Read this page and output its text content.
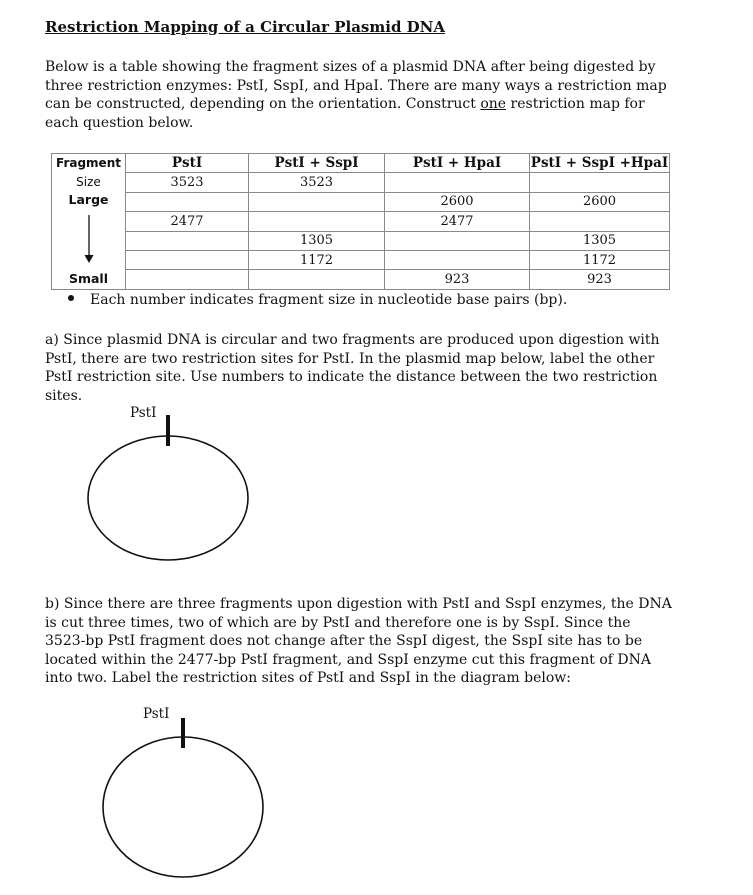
Restriction Mapping of a Circular Plasmid DNA

Below is a table showing the fragment sizes of a plasmid DNA after being digested by three restriction enzymes: PstI, SspI, and HpaI. There are many ways a restriction map can be constructed, depending on the orientation. Construct one restriction map for each question below.

Fragment	PstI	PstI + SspI	PstI + HpaI	PstI + SspI +HpaI
Size	3523	3523		
Large			2600	2600
	2477		2477	
		1305		1305
		1172		1172
Small			923	923
Each number indicates fragment size in nucleotide base pairs (bp).

a) Since plasmid DNA is circular and two fragments are produced upon digestion with PstI, there are two restriction sites for PstI. In the plasmid map below, label the other PstI restriction site. Use numbers to indicate the distance between the two restriction sites.

PstI

b) Since there are three fragments upon digestion with PstI and SspI enzymes, the DNA is cut three times, two of which are by PstI and therefore one is by SspI. Since the 3523-bp PstI fragment does not change after the SspI digest, the SspI site has to be located within the 2477-bp PstI fragment, and SspI enzyme cut this fragment of DNA into two. Label the restriction sites of PstI and SspI in the diagram below:

PstI
